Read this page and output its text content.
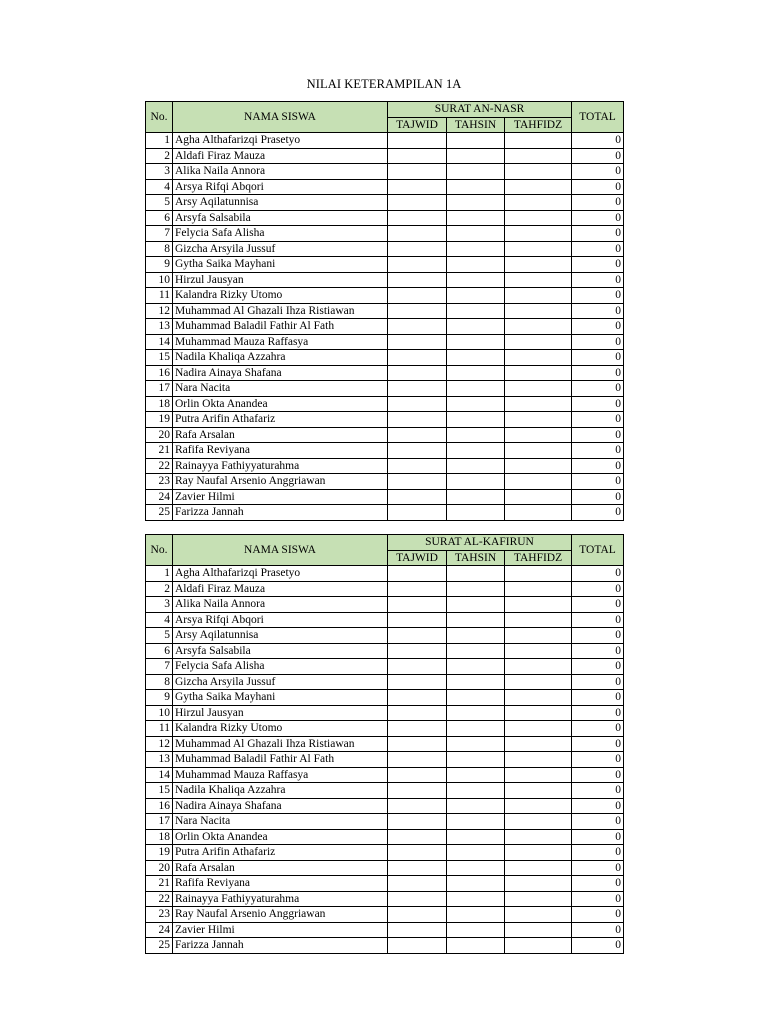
NILAI KETERAMPILAN 1A
No.	NAMA SISWA	SURAT AN-NASR			TOTAL
		TAJWID	TAHSIN	TAHFIDZ	
1	Agha Althafarizqi Prasetyo				0
2	Aldafi Firaz Mauza				0
3	Alika Naila Annora				0
4	Arsya Rifqi Abqori				0
5	Arsy Aqilatunnisa				0
6	Arsyfa Salsabila				0
7	Felycia Safa Alisha				0
8	Gizcha Arsyila Jussuf				0
9	Gytha Saika Mayhani				0
10	Hirzul Jausyan				0
11	Kalandra Rizky Utomo				0
12	Muhammad Al Ghazali Ihza Ristiawan				0
13	Muhammad Baladil Fathir Al Fath				0
14	Muhammad Mauza Raffasya				0
15	Nadila Khaliqa Azzahra				0
16	Nadira Ainaya Shafana				0
17	Nara Nacita				0
18	Orlin Okta Anandea				0
19	Putra Arifin Athafariz				0
20	Rafa Arsalan				0
21	Rafifa Reviyana				0
22	Rainayya Fathiyyaturahma				0
23	Ray Naufal Arsenio Anggriawan				0
24	Zavier Hilmi				0
25	Farizza Jannah				0
No.	NAMA SISWA	SURAT AL-KAFIRUN			TOTAL
		TAJWID	TAHSIN	TAHFIDZ	
1	Agha Althafarizqi Prasetyo				0
2	Aldafi Firaz Mauza				0
3	Alika Naila Annora				0
4	Arsya Rifqi Abqori				0
5	Arsy Aqilatunnisa				0
6	Arsyfa Salsabila				0
7	Felycia Safa Alisha				0
8	Gizcha Arsyila Jussuf				0
9	Gytha Saika Mayhani				0
10	Hirzul Jausyan				0
11	Kalandra Rizky Utomo				0
12	Muhammad Al Ghazali Ihza Ristiawan				0
13	Muhammad Baladil Fathir Al Fath				0
14	Muhammad Mauza Raffasya				0
15	Nadila Khaliqa Azzahra				0
16	Nadira Ainaya Shafana				0
17	Nara Nacita				0
18	Orlin Okta Anandea				0
19	Putra Arifin Athafariz				0
20	Rafa Arsalan				0
21	Rafifa Reviyana				0
22	Rainayya Fathiyyaturahma				0
23	Ray Naufal Arsenio Anggriawan				0
24	Zavier Hilmi				0
25	Farizza Jannah				0
